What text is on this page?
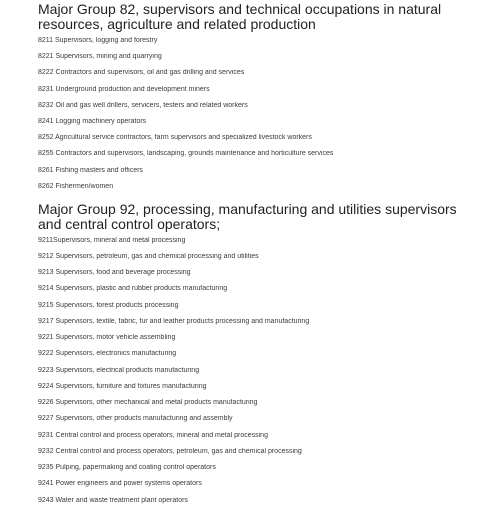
Major Group 82, supervisors and technical occupations in natural resources, agriculture and related production
8211 Supervisors, logging and forestry
8221 Supervisors, mining and quarrying
8222 Contractors and supervisors, oil and gas drilling and services
8231 Underground production and development miners
8232 Oil and gas well drillers, servicers, testers and related workers
8241 Logging machinery operators
8252 Agricultural service contractors, farm supervisors and specialized livestock workers
8255 Contractors and supervisors, landscaping, grounds maintenance and horticulture services
8261 Fishing masters and officers
8262 Fishermen/women
Major Group 92, processing, manufacturing and utilities supervisors and central control operators;
9211Supervisors, mineral and metal processing
9212 Supervisors, petroleum, gas and chemical processing and utilities
9213 Supervisors, food and beverage processing
9214 Supervisors, plastic and rubber products manufacturing
9215 Supervisors, forest products processing
9217 Supervisors, textile, fabric, fur and leather products processing and manufacturing
9221 Supervisors, motor vehicle assembling
9222 Supervisors, electronics manufacturing
9223 Supervisors, electrical products manufacturing
9224 Supervisors, furniture and fixtures manufacturing
9226 Supervisors, other mechanical and metal products manufacturing
9227 Supervisors, other products manufacturing and assembly
9231 Central control and process operators, mineral and metal processing
9232 Central control and process operators, petroleum, gas and chemical processing
9235 Pulping, papermaking and coating control operators
9241 Power engineers and power systems operators
9243 Water and waste treatment plant operators
